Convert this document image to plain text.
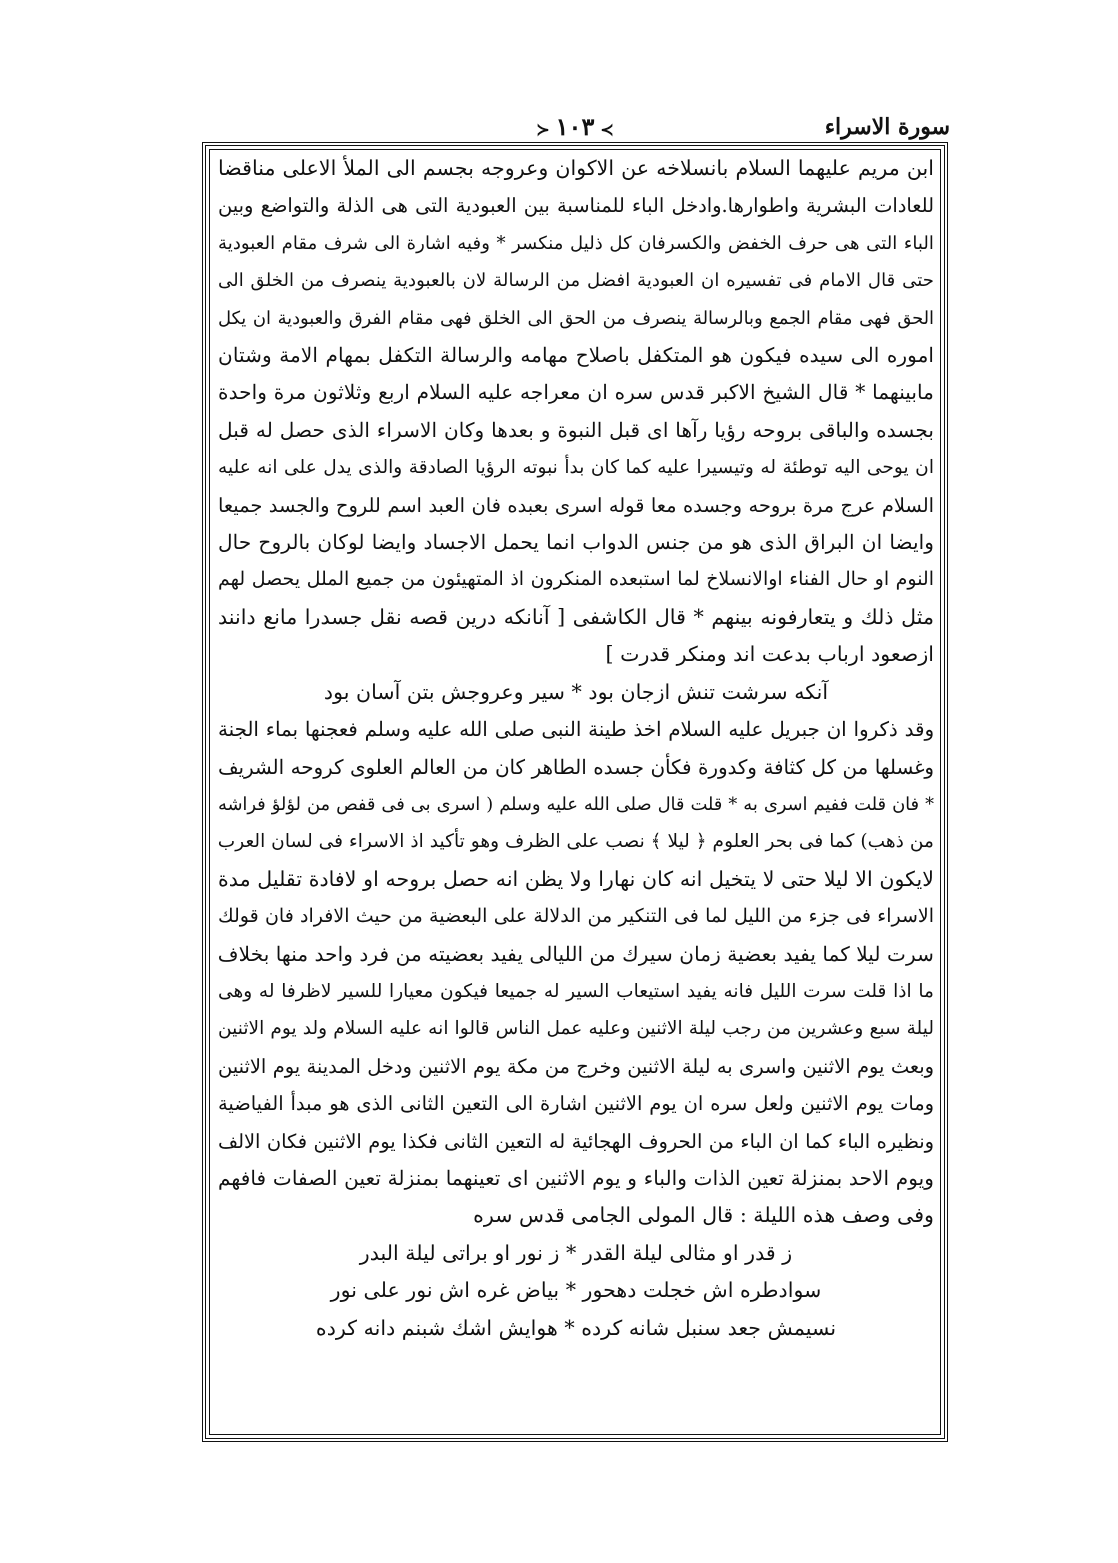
سورة الاسراء
≻١٠٣≺
ابن مريم عليهما السلام بانسلاخه عن الاكوان وعروجه بجسم الى الملأ الاعلى مناقضا
للعادات البشرية واطوارها.وادخل الباء للمناسبة بين العبودية التى هى الذلة والتواضع وبين
الباء التى هى حرف الخفض والكسرفان كل ذليل منكسر * وفيه اشارة الى شرف مقام العبودية
حتى قال الامام فى تفسيره ان العبودية افضل من الرسالة لان بالعبودية ينصرف من الخلق الى
الحق فهى مقام الجمع وبالرسالة ينصرف من الحق الى الخلق فهى مقام الفرق والعبودية ان يكل
اموره الى سيده فيكون هو المتكفل باصلاح مهامه والرسالة التكفل بمهام الامة وشتان
مابينهما * قال الشيخ الاكبر قدس سره ان معراجه عليه السلام اربع وثلاثون مرة واحدة
بجسده والباقى بروحه رؤيا رآها اى قبل النبوة و بعدها وكان الاسراء الذى حصل له قبل
ان يوحى اليه توطئة له وتيسيرا عليه كما كان بدأ نبوته الرؤيا الصادقة والذى يدل على انه عليه
السلام عرج مرة بروحه وجسده معا قوله اسرى بعبده فان العبد اسم للروح والجسد جميعا
وايضا ان البراق الذى هو من جنس الدواب انما يحمل الاجساد وايضا لوكان بالروح حال
النوم او حال الفناء اوالانسلاخ لما استبعده المنكرون اذ المتهيئون من جميع الملل يحصل لهم
مثل ذلك و يتعارفونه بينهم * قال الكاشفى [ آنانكه درين قصه نقل جسدرا مانع دانند
ازصعود ارباب بدعت اند ومنكر قدرت ]
آنكه سرشت تنش ازجان بود * سير وعروجش بتن آسان بود
وقد ذكروا ان جبريل عليه السلام اخذ طينة النبى صلى الله عليه وسلم فعجنها بماء الجنة
وغسلها من كل كثافة وكدورة فكأن جسده الطاهر كان من العالم العلوى كروحه الشريف
* فان قلت ففيم اسرى به * قلت قال صلى الله عليه وسلم ( اسرى بى فى قفص من لؤلؤ فراشه
من ذهب) كما فى بحر العلوم ﴿ ليلا ﴾ نصب على الظرف وهو تأكيد اذ الاسراء فى لسان العرب
لايكون الا ليلا حتى لا يتخيل انه كان نهارا ولا يظن انه حصل بروحه او لافادة تقليل مدة
الاسراء فى جزء من الليل لما فى التنكير من الدلالة على البعضية من حيث الافراد فان قولك
سرت ليلا كما يفيد بعضية زمان سيرك من الليالى يفيد بعضيته من فرد واحد منها بخلاف
ما اذا قلت سرت الليل فانه يفيد استيعاب السير له جميعا فيكون معيارا للسير لاظرفا له وهى
ليلة سبع وعشرين من رجب ليلة الاثنين وعليه عمل الناس قالوا انه عليه السلام ولد يوم الاثنين
وبعث يوم الاثنين واسرى به ليلة الاثنين وخرج من مكة يوم الاثنين ودخل المدينة يوم الاثنين
ومات يوم الاثنين ولعل سره ان يوم الاثنين اشارة الى التعين الثانى الذى هو مبدأ الفياضية
ونظيره الباء كما ان الباء من الحروف الهجائية له التعين الثانى فكذا يوم الاثنين فكان الالف
ويوم الاحد بمنزلة تعين الذات والباء و يوم الاثنين اى تعينهما بمنزلة تعين الصفات فافهم
وفى وصف هذه الليلة : قال المولى الجامى قدس سره
ز قدر او مثالى ليلة القدر * ز نور او براتى ليلة البدر
سوادطره اش خجلت دهحور * بياض غره اش نور على نور
نسيمش جعد سنبل شانه كرده * هوايش اشك شبنم دانه كرده
